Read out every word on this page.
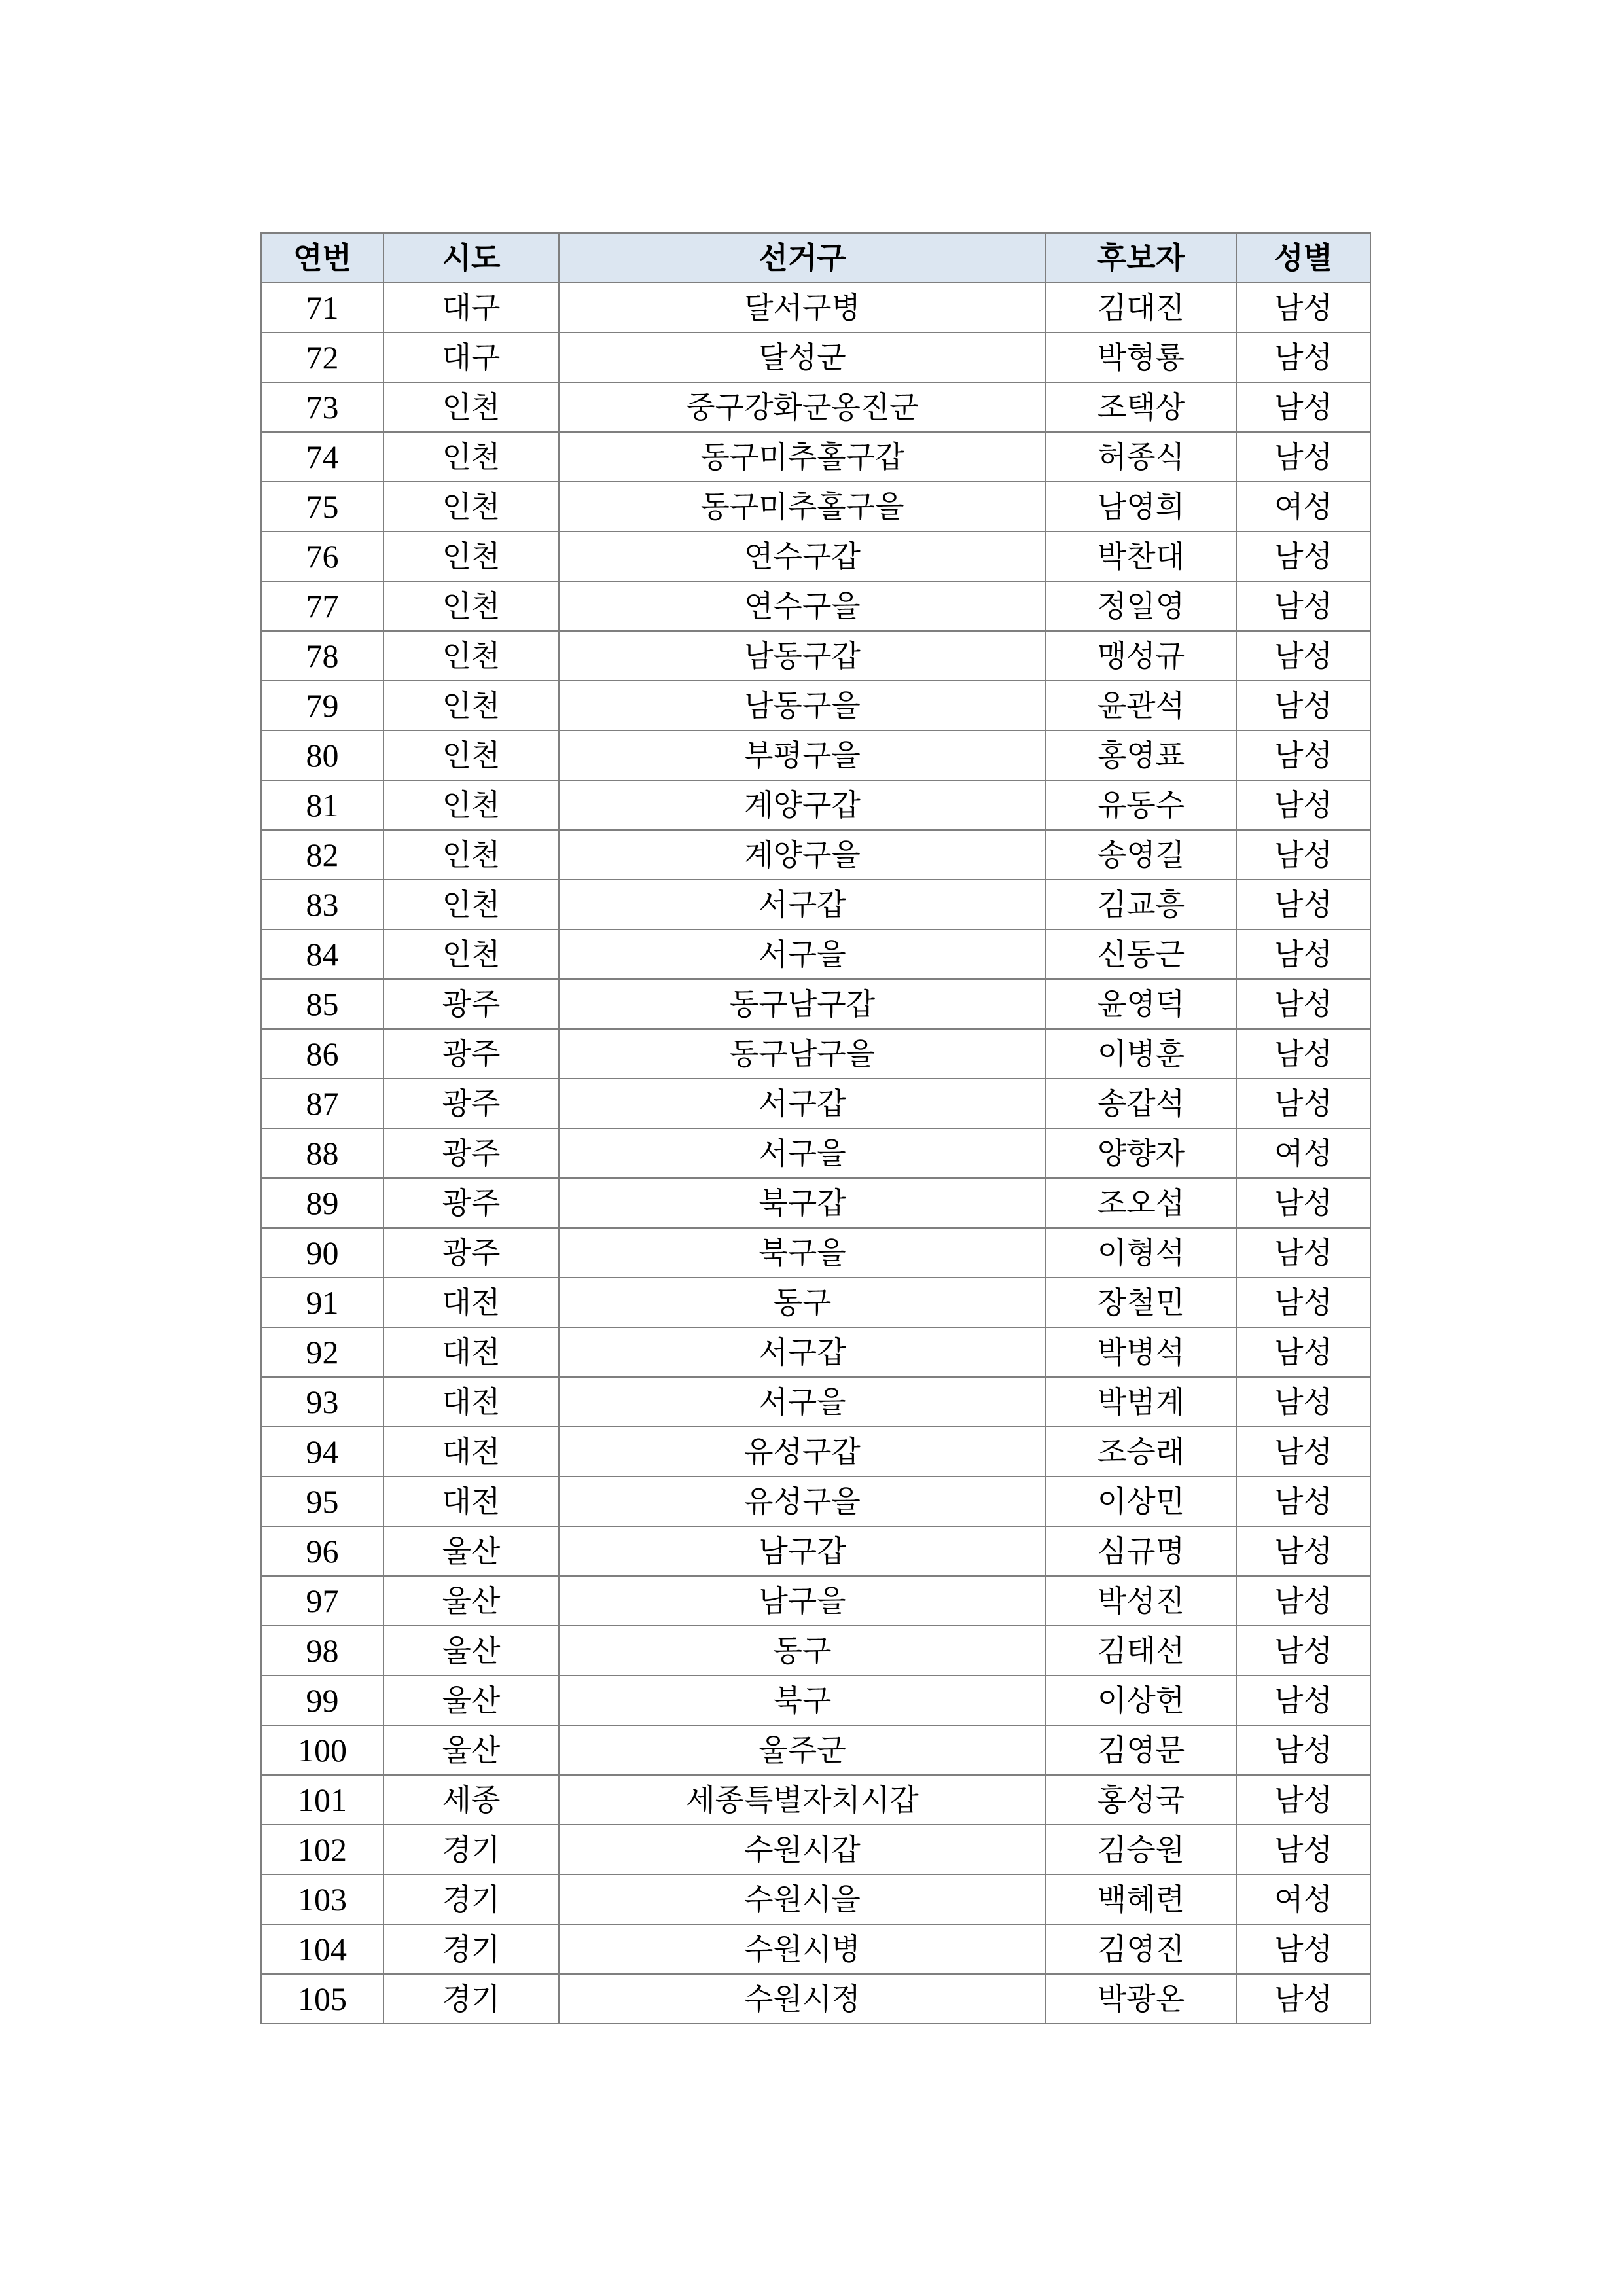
연번	시도	선거구	후보자	성별
71	대구	달서구병	김대진	남성
72	대구	달성군	박형룡	남성
73	인천	중구강화군옹진군	조택상	남성
74	인천	동구미추홀구갑	허종식	남성
75	인천	동구미추홀구을	남영희	여성
76	인천	연수구갑	박찬대	남성
77	인천	연수구을	정일영	남성
78	인천	남동구갑	맹성규	남성
79	인천	남동구을	윤관석	남성
80	인천	부평구을	홍영표	남성
81	인천	계양구갑	유동수	남성
82	인천	계양구을	송영길	남성
83	인천	서구갑	김교흥	남성
84	인천	서구을	신동근	남성
85	광주	동구남구갑	윤영덕	남성
86	광주	동구남구을	이병훈	남성
87	광주	서구갑	송갑석	남성
88	광주	서구을	양향자	여성
89	광주	북구갑	조오섭	남성
90	광주	북구을	이형석	남성
91	대전	동구	장철민	남성
92	대전	서구갑	박병석	남성
93	대전	서구을	박범계	남성
94	대전	유성구갑	조승래	남성
95	대전	유성구을	이상민	남성
96	울산	남구갑	심규명	남성
97	울산	남구을	박성진	남성
98	울산	동구	김태선	남성
99	울산	북구	이상헌	남성
100	울산	울주군	김영문	남성
101	세종	세종특별자치시갑	홍성국	남성
102	경기	수원시갑	김승원	남성
103	경기	수원시을	백혜련	여성
104	경기	수원시병	김영진	남성
105	경기	수원시정	박광온	남성
